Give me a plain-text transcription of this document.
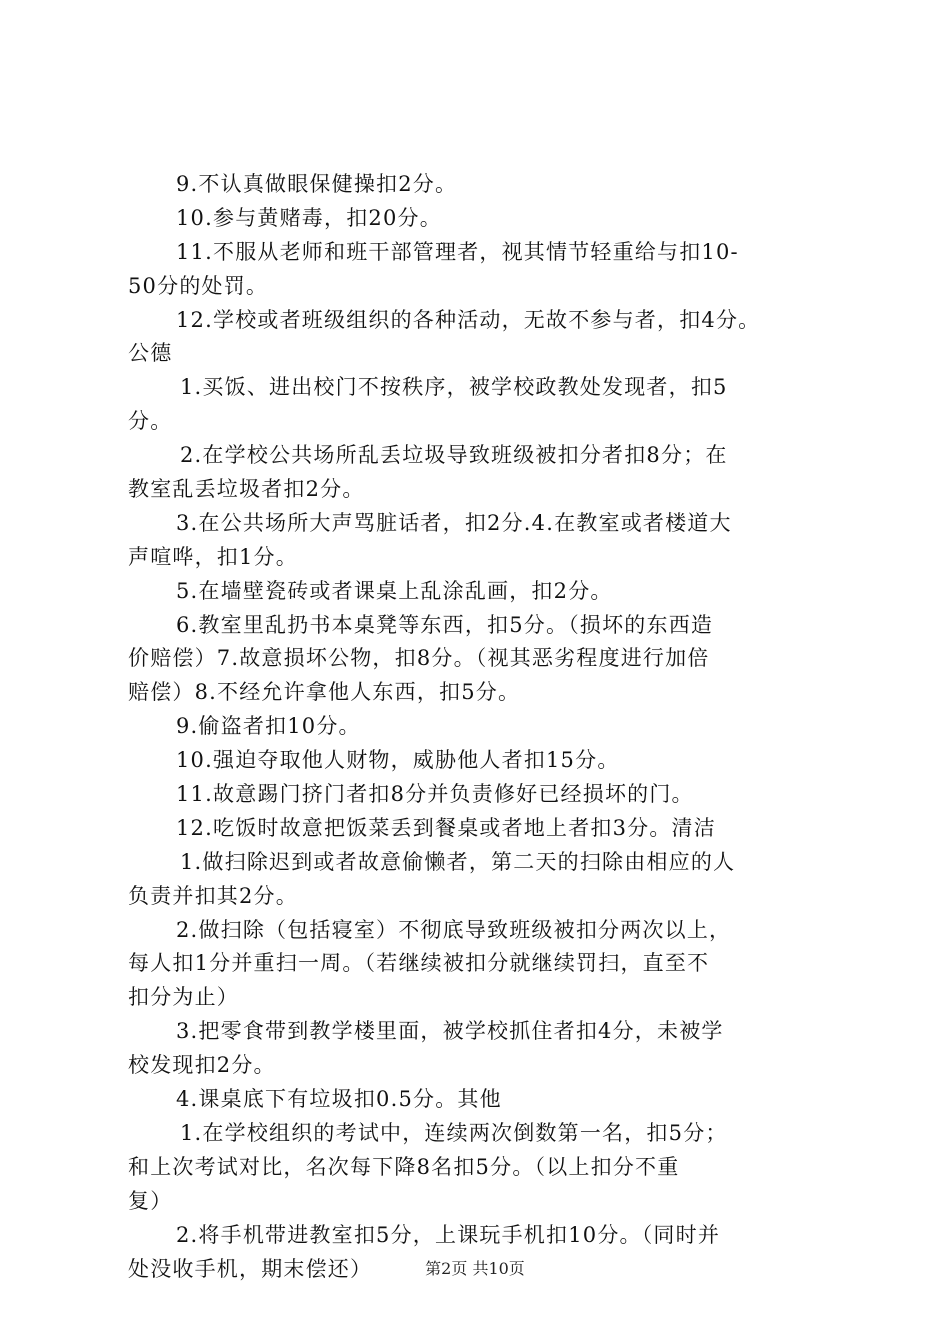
9.不认真做眼保健操扣2分。
10.参与黄赌毒，扣20分。
11.不服从老师和班干部管理者，视其情节轻重给与扣10-
50分的处罚。
12.学校或者班级组织的各种活动，无故不参与者，扣4分。
公德
1.买饭、进出校门不按秩序，被学校政教处发现者，扣5
分。
2.在学校公共场所乱丢垃圾导致班级被扣分者扣8分；在
教室乱丢垃圾者扣2分。
3.在公共场所大声骂脏话者，扣2分.4.在教室或者楼道大
声喧哗，扣1分。
5.在墙壁瓷砖或者课桌上乱涂乱画，扣2分。
6.教室里乱扔书本桌凳等东西，扣5分。（损坏的东西造
价赔偿）7.故意损坏公物，扣8分。（视其恶劣程度进行加倍
赔偿）8.不经允许拿他人东西，扣5分。
9.偷盗者扣10分。
10.强迫夺取他人财物，威胁他人者扣15分。
11.故意踢门挤门者扣8分并负责修好已经损坏的门。
12.吃饭时故意把饭菜丢到餐桌或者地上者扣3分。清洁
1.做扫除迟到或者故意偷懒者，第二天的扫除由相应的人
负责并扣其2分。
2.做扫除（包括寝室）不彻底导致班级被扣分两次以上，
每人扣1分并重扫一周。（若继续被扣分就继续罚扫，直至不
扣分为止）
3.把零食带到教学楼里面，被学校抓住者扣4分，未被学
校发现扣2分。
4.课桌底下有垃圾扣0.5分。其他
1.在学校组织的考试中，连续两次倒数第一名，扣5分；
和上次考试对比，名次每下降8名扣5分。（以上扣分不重
复）
2.将手机带进教室扣5分，上课玩手机扣10分。（同时并
处没收手机，期末偿还）	第2页 共10页
